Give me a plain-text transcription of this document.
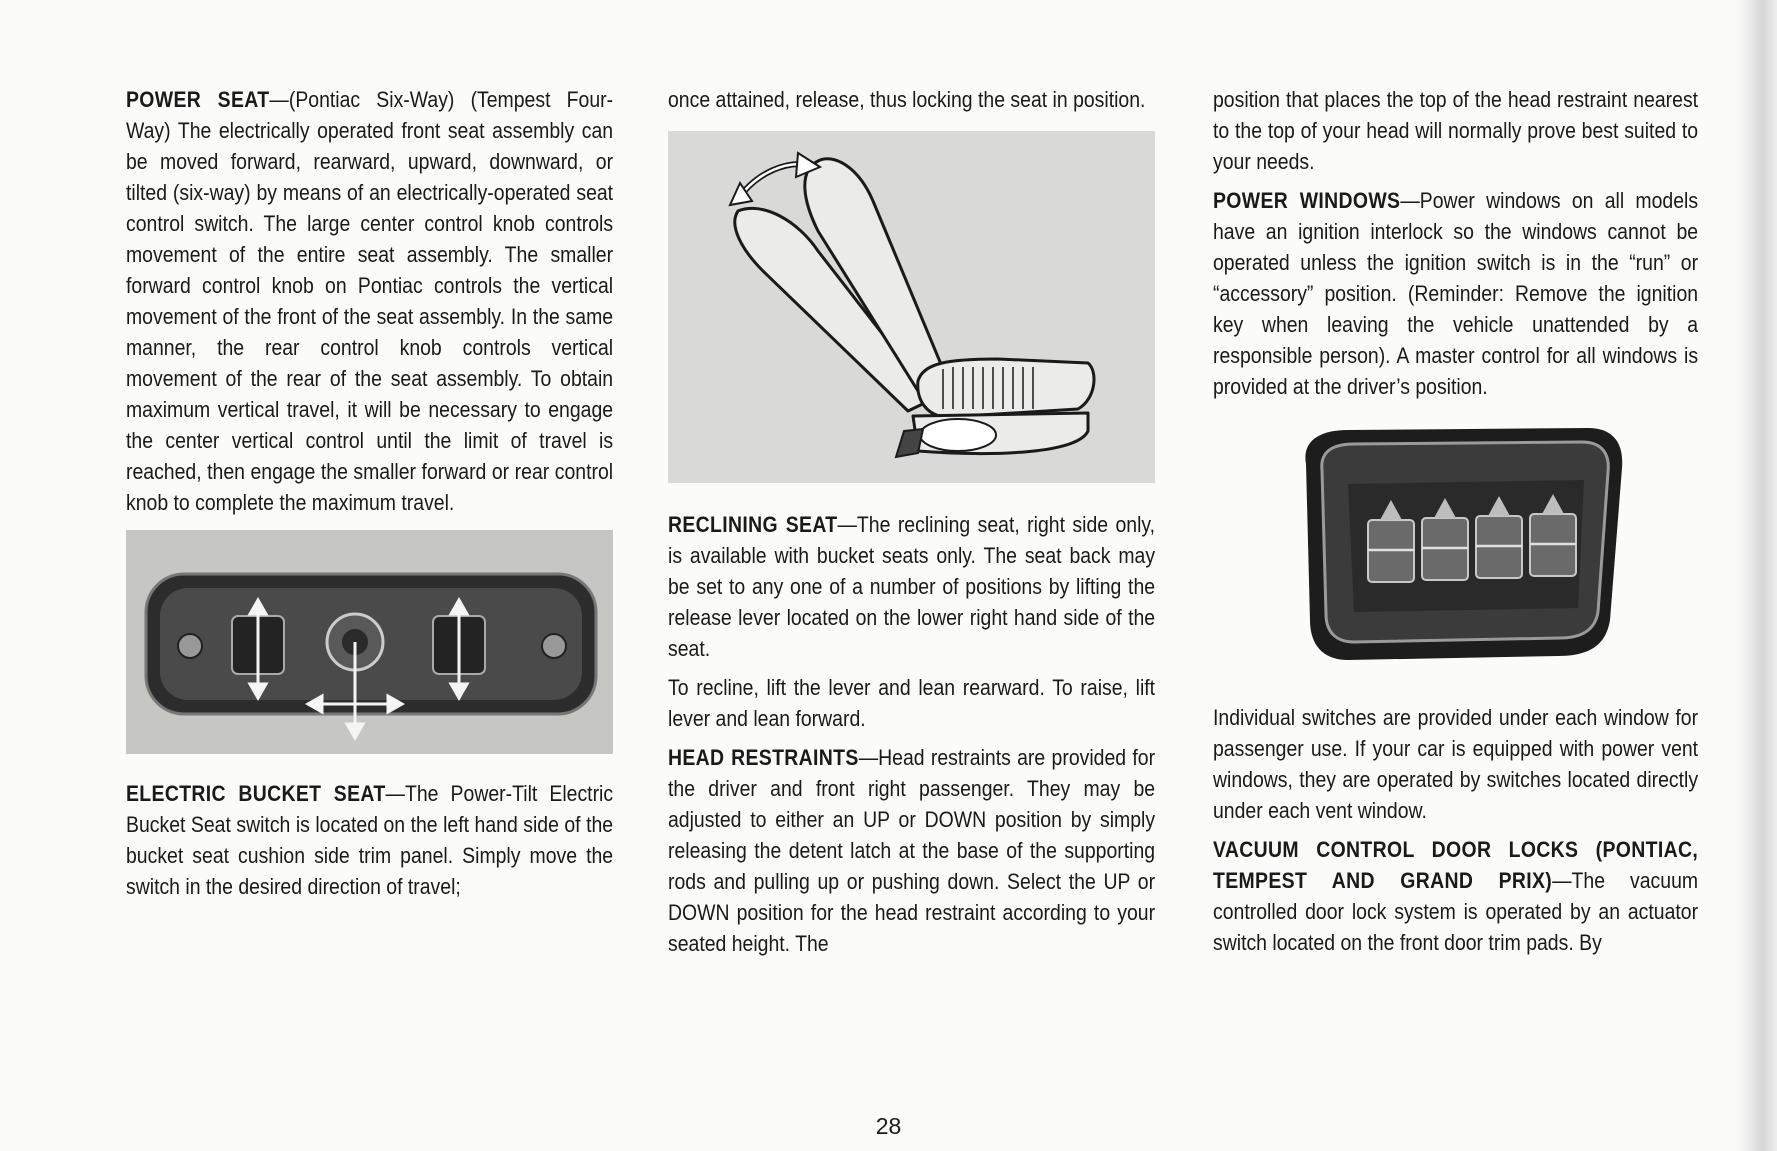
POWER SEAT—(Pontiac Six-Way) (Tempest Four-Way) The electrically operated front seat assembly can be moved forward, rearward, upward, downward, or tilted (six-way) by means of an electrically-operated seat control switch. The large center control knob controls movement of the entire seat assembly. The smaller forward control knob on Pontiac controls the vertical movement of the front of the seat assembly. In the same manner, the rear control knob controls vertical movement of the rear of the seat assembly. To obtain maximum vertical travel, it will be necessary to engage the center vertical control until the limit of travel is reached, then engage the smaller forward or rear control knob to complete the maximum travel.

ELECTRIC BUCKET SEAT—The Power-Tilt Electric Bucket Seat switch is located on the left hand side of the bucket seat cushion side trim panel. Simply move the switch in the desired direction of travel;

once attained, release, thus locking the seat in position.

RECLINING SEAT—The reclining seat, right side only, is available with bucket seats only. The seat back may be set to any one of a number of positions by lifting the release lever located on the lower right hand side of the seat.

To recline, lift the lever and lean rearward. To raise, lift lever and lean forward.

HEAD RESTRAINTS—Head restraints are provided for the driver and front right passenger. They may be adjusted to either an UP or DOWN position by simply releasing the detent latch at the base of the supporting rods and pulling up or pushing down. Select the UP or DOWN position for the head restraint according to your seated height. The

position that places the top of the head restraint nearest to the top of your head will normally prove best suited to your needs.

POWER WINDOWS—Power windows on all models have an ignition interlock so the windows cannot be operated unless the ignition switch is in the “run” or “accessory” position. (Reminder: Remove the ignition key when leaving the vehicle unattended by a responsible person). A master control for all windows is provided at the driver’s position.

Individual switches are provided under each window for passenger use. If your car is equipped with power vent windows, they are operated by switches located directly under each vent window.

VACUUM CONTROL DOOR LOCKS (PONTIAC, TEMPEST AND GRAND PRIX)—The vacuum controlled door lock system is operated by an actuator switch located on the front door trim pads. By

28
